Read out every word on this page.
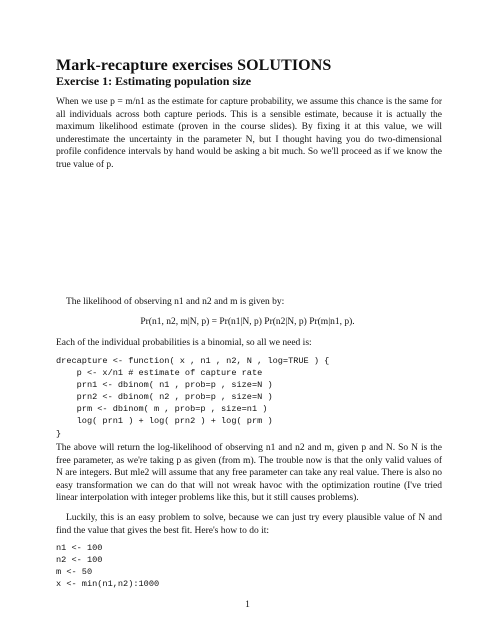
Mark-recapture exercises SOLUTIONS
Exercise 1: Estimating population size
When we use p = m/n1 as the estimate for capture probability, we assume this chance is the same for all individuals across both capture periods. This is a sensible estimate, because it is actually the maximum likelihood estimate (proven in the course slides). By fixing it at this value, we will underestimate the uncertainty in the parameter N, but I thought having you do two-dimensional profile confidence intervals by hand would be asking a bit much. So we'll proceed as if we know the true value of p.
The likelihood of observing n1 and n2 and m is given by:
Pr(n1, n2, m|N, p) = Pr(n1|N, p) Pr(n2|N, p) Pr(m|n1, p).
Each of the individual probabilities is a binomial, so all we need is:
drecapture <- function( x , n1 , n2, N , log=TRUE ) {
p <- x/n1 # estimate of capture rate
prn1 <- dbinom( n1 , prob=p , size=N )
prn2 <- dbinom( n2 , prob=p , size=N )
prm <- dbinom( m , prob=p , size=n1 )
log( prn1 ) + log( prn2 ) + log( prm )
}
The above will return the log-likelihood of observing n1 and n2 and m, given p and N. So N is the free parameter, as we're taking p as given (from m). The trouble now is that the only valid values of N are integers. But mle2 will assume that any free parameter can take any real value. There is also no easy transformation we can do that will not wreak havoc with the optimization routine (I've tried linear interpolation with integer problems like this, but it still causes problems).
Luckily, this is an easy problem to solve, because we can just try every plausible value of N and find the value that gives the best fit. Here's how to do it:
n1 <- 100
n2 <- 100
m <- 50
x <- min(n1,n2):1000
1
